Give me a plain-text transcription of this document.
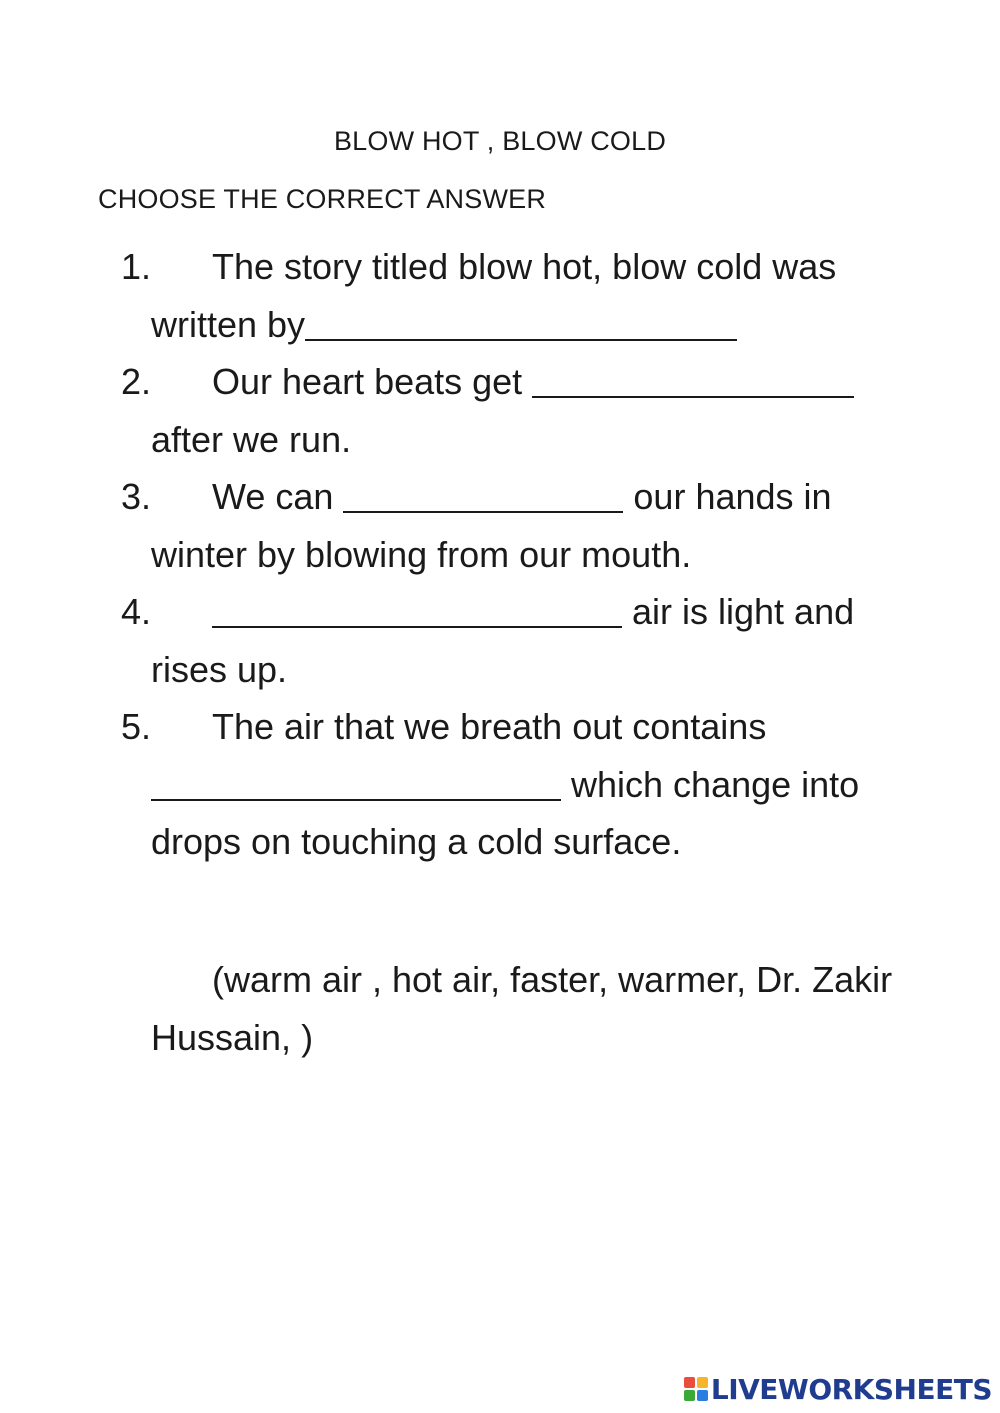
BLOW HOT , BLOW COLD
CHOOSE THE CORRECT ANSWER
1. The story titled blow hot, blow cold was written by
2. Our heart beats get  after we run.
3. We can	our hands in winter by blowing from our mouth.
4.	air is light and rises up.
5. The air that we breath out contains  which change into drops on touching a cold surface.
(warm air , hot air, faster, warmer, Dr. Zakir Hussain, )
LIVEWORKSHEETS
